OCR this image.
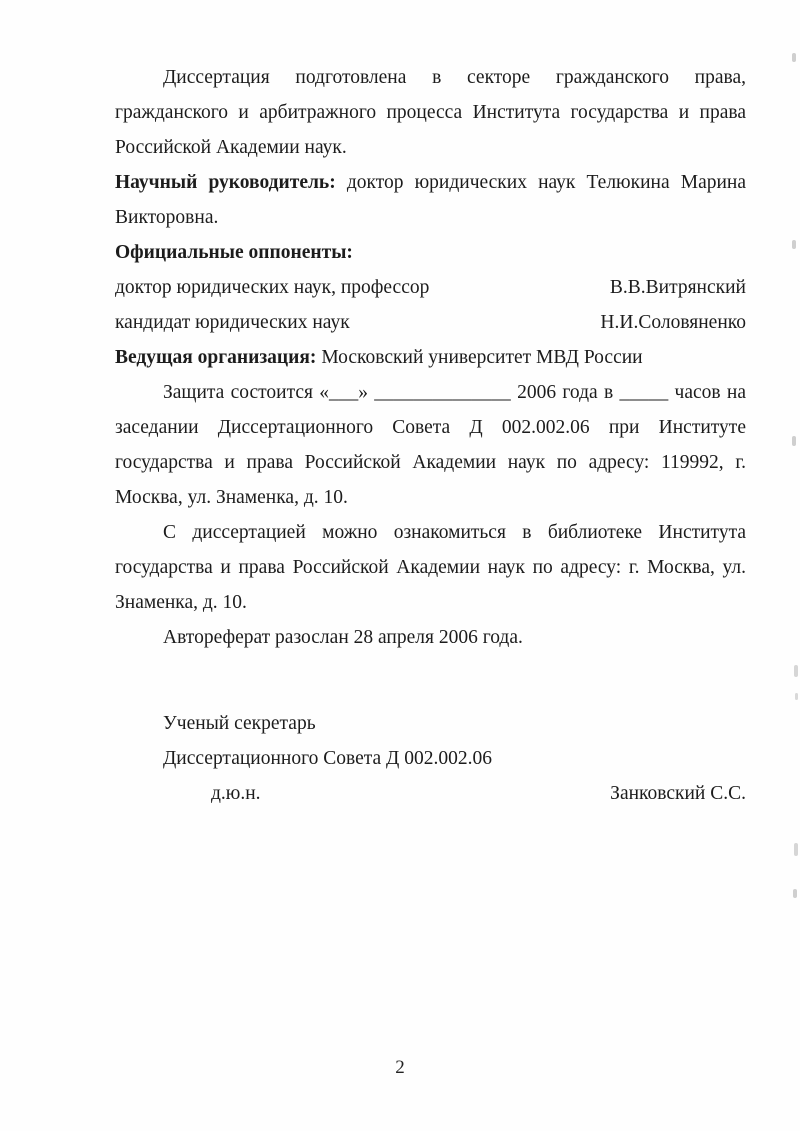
Диссертация подготовлена в секторе гражданского права, гражданского и арбитражного процесса Института государства и права Российской Академии наук.

Научный руководитель: доктор юридических наук Телюкина Марина Викторовна.

Официальные оппоненты:

доктор юридических наук, профессор	В.В.Витрянский

кандидат юридических наук	Н.И.Соловяненко

Ведущая организация: Московский университет МВД России

Защита состоится «___» ______________ 2006 года в _____ часов на заседании Диссертационного Совета Д 002.002.06 при Институте государства и права Российской Академии наук по адресу: 119992, г. Москва, ул. Знаменка, д. 10.

С диссертацией можно ознакомиться в библиотеке Института государства и права Российской Академии наук по адресу: г. Москва, ул. Знаменка, д. 10.

Автореферат разослан 28 апреля 2006 года.

Ученый секретарь

Диссертационного Совета Д 002.002.06

д.ю.н.	Занковский С.С.

2
